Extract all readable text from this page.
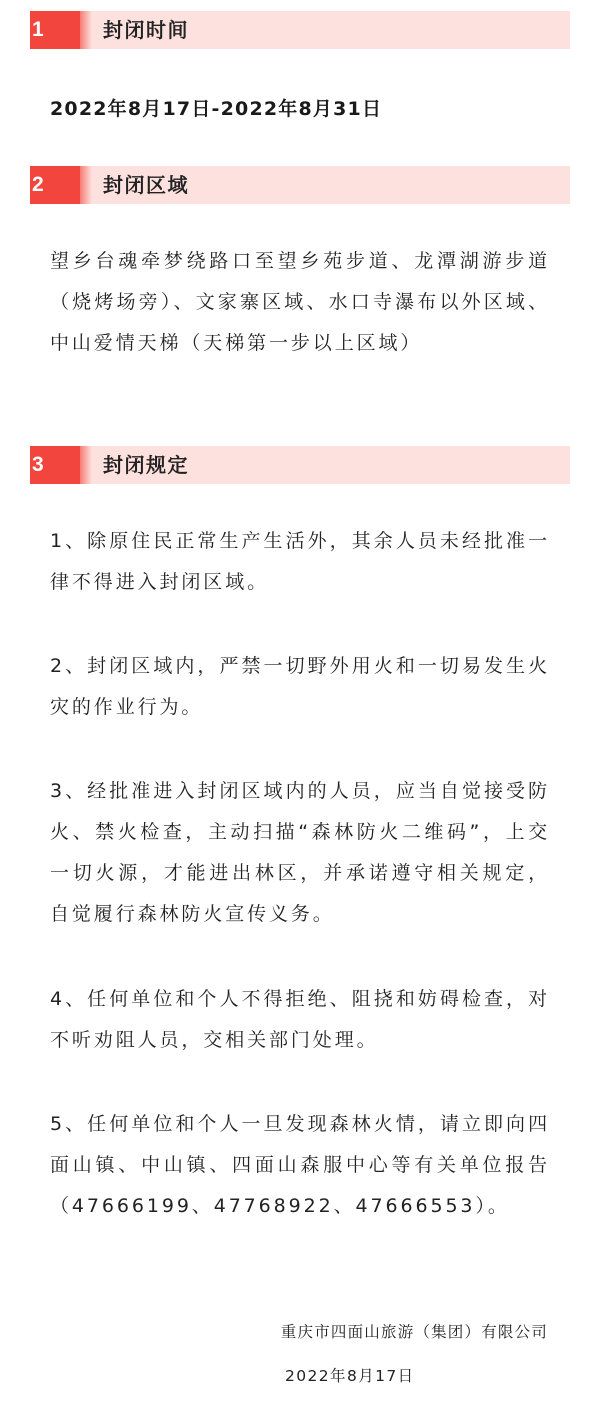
1	封闭时间
2022年8月17日-2022年8月31日
2	封闭区域
望乡台魂牵梦绕路口至望乡苑步道、龙潭湖游步道（烧烤场旁）、文家寨区域、水口寺瀑布以外区域、中山爱情天梯（天梯第一步以上区域）
3	封闭规定
1、除原住民正常生产生活外，其余人员未经批准一律不得进入封闭区域。
2、封闭区域内，严禁一切野外用火和一切易发生火灾的作业行为。
3、经批准进入封闭区域内的人员，应当自觉接受防火、禁火检查，主动扫描“森林防火二维码”，上交一切火源，才能进出林区，并承诺遵守相关规定，自觉履行森林防火宣传义务。
4、任何单位和个人不得拒绝、阻挠和妨碍检查，对不听劝阻人员，交相关部门处理。
5、任何单位和个人一旦发现森林火情，请立即向四面山镇、中山镇、四面山森服中心等有关单位报告（47666199、47768922、47666553）。
重庆市四面山旅游（集团）有限公司
2022年8月17日
